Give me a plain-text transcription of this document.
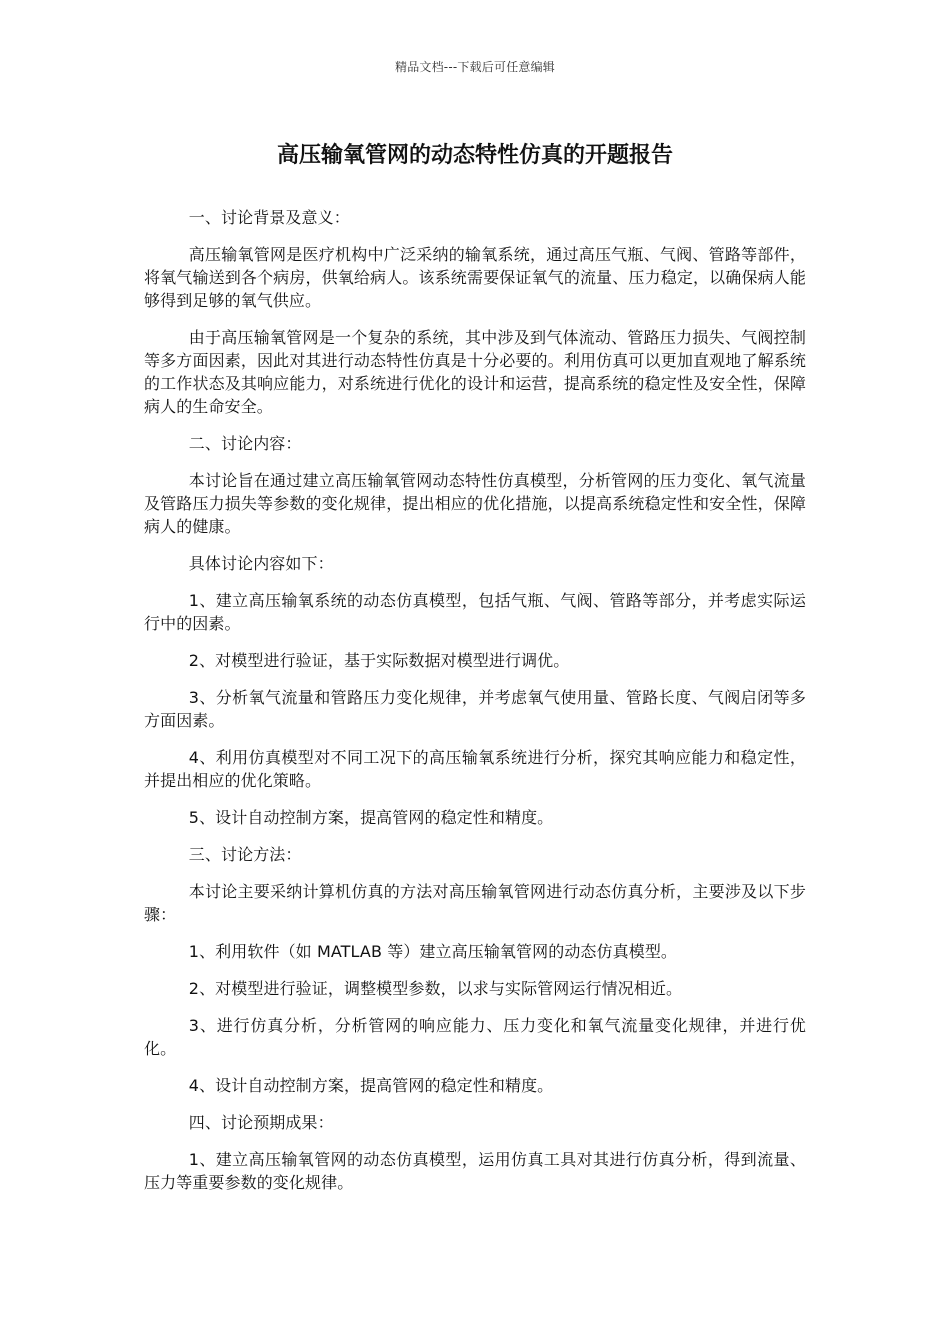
精品文档---下载后可任意编辑
高压输氧管网的动态特性仿真的开题报告

一、讨论背景及意义：

高压输氧管网是医疗机构中广泛采纳的输氧系统，通过高压气瓶、气阀、管路等部件，将氧气输送到各个病房，供氧给病人。该系统需要保证氧气的流量、压力稳定，以确保病人能够得到足够的氧气供应。

由于高压输氧管网是一个复杂的系统，其中涉及到气体流动、管路压力损失、气阀控制等多方面因素，因此对其进行动态特性仿真是十分必要的。利用仿真可以更加直观地了解系统的工作状态及其响应能力，对系统进行优化的设计和运营，提高系统的稳定性及安全性，保障病人的生命安全。

二、讨论内容：

本讨论旨在通过建立高压输氧管网动态特性仿真模型，分析管网的压力变化、氧气流量及管路压力损失等参数的变化规律，提出相应的优化措施，以提高系统稳定性和安全性，保障病人的健康。

具体讨论内容如下：

1、建立高压输氧系统的动态仿真模型，包括气瓶、气阀、管路等部分，并考虑实际运行中的因素。

2、对模型进行验证，基于实际数据对模型进行调优。

3、分析氧气流量和管路压力变化规律，并考虑氧气使用量、管路长度、气阀启闭等多方面因素。

4、利用仿真模型对不同工况下的高压输氧系统进行分析，探究其响应能力和稳定性，并提出相应的优化策略。

5、设计自动控制方案，提高管网的稳定性和精度。

三、讨论方法：

本讨论主要采纳计算机仿真的方法对高压输氧管网进行动态仿真分析，主要涉及以下步骤：

1、利用软件（如 MATLAB 等）建立高压输氧管网的动态仿真模型。

2、对模型进行验证，调整模型参数，以求与实际管网运行情况相近。

3、进行仿真分析，分析管网的响应能力、压力变化和氧气流量变化规律，并进行优化。

4、设计自动控制方案，提高管网的稳定性和精度。

四、讨论预期成果：

1、建立高压输氧管网的动态仿真模型，运用仿真工具对其进行仿真分析，得到流量、压力等重要参数的变化规律。
